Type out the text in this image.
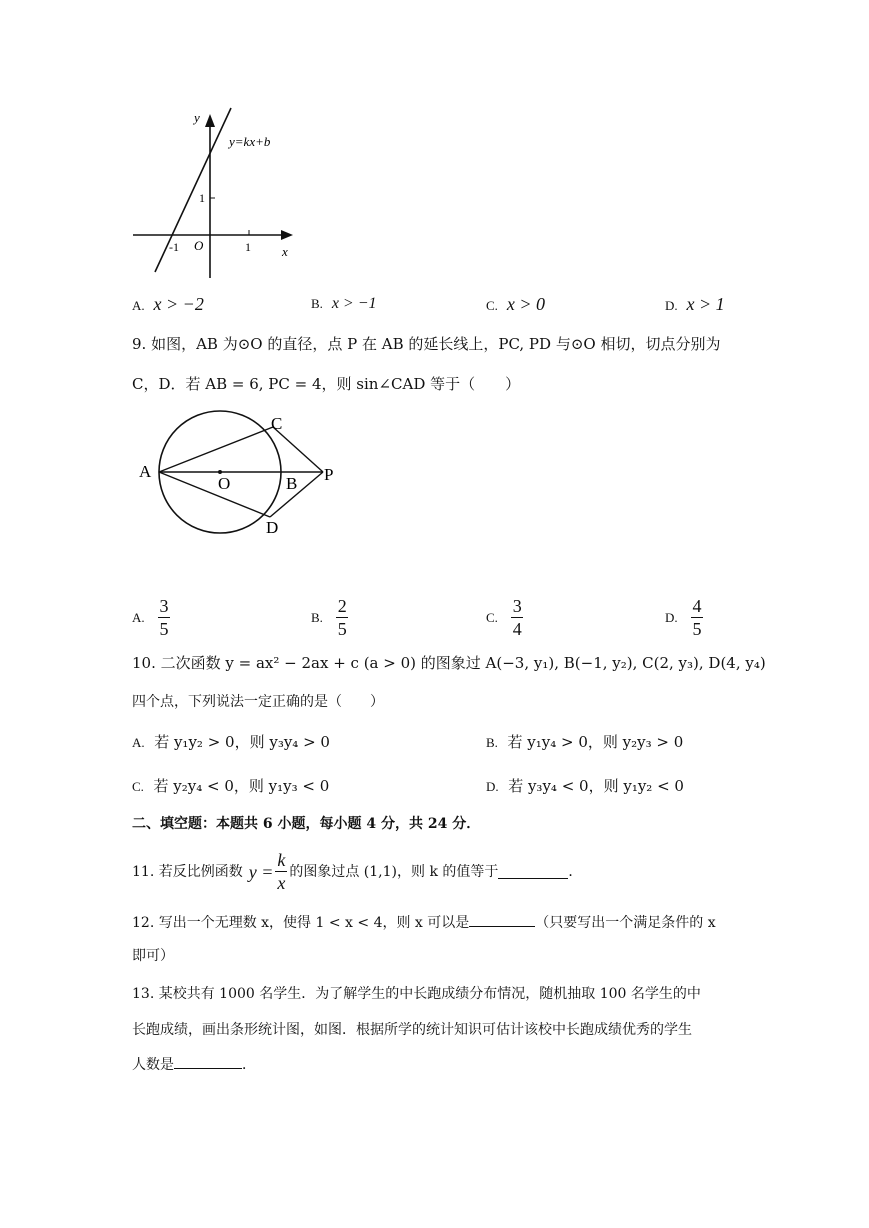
y
y=kx+b
1
-1 O	1 x
A. x > −2	B. x > −1	C. x > 0	D. x > 1
9. 如图，AB 为⊙O 的直径，点 P 在 AB 的延长线上，PC, PD 与⊙O 相切，切点分别为
C，D．若 AB = 6, PC = 4，则 sin∠CAD 等于（　　）
A
O	B P
C
D
A.
$\frac{3}{5}$	B.
$\frac{2}{5}$	C.
$\frac{3}{4}$	D.
$\frac{4}{5}$
10. 二次函数 y = ax² − 2ax + c (a > 0) 的图象过 A(−3, y₁), B(−1, y₂), C(2, y₃), D(4, y₄)
四个点，下列说法一定正确的是（　　）
A. 若 y₁y₂ > 0，则 y₃y₄ > 0	B. 若 y₁y₄ > 0，则 y₂y₃ > 0
C. 若 y₂y₄ < 0，则 y₁y₃ < 0	D. 若 y₃y₄ < 0，则 y₁y₂ < 0
二、填空题：本题共 6 小题，每小题 4 分，共 24 分．
11. 若反比例函数 $y = \frac{k}{x}$ 的图象过点 (1,1)，则 k 的值等于	．
12. 写出一个无理数 x，使得 1 < x < 4，则 x 可以是	（只要写出一个满足条件的 x
即可）
13. 某校共有 1000 名学生．为了解学生的中长跑成绩分布情况，随机抽取 100 名学生的中
长跑成绩，画出条形统计图，如图．根据所学的统计知识可估计该校中长跑成绩优秀的学生
人数是	．
